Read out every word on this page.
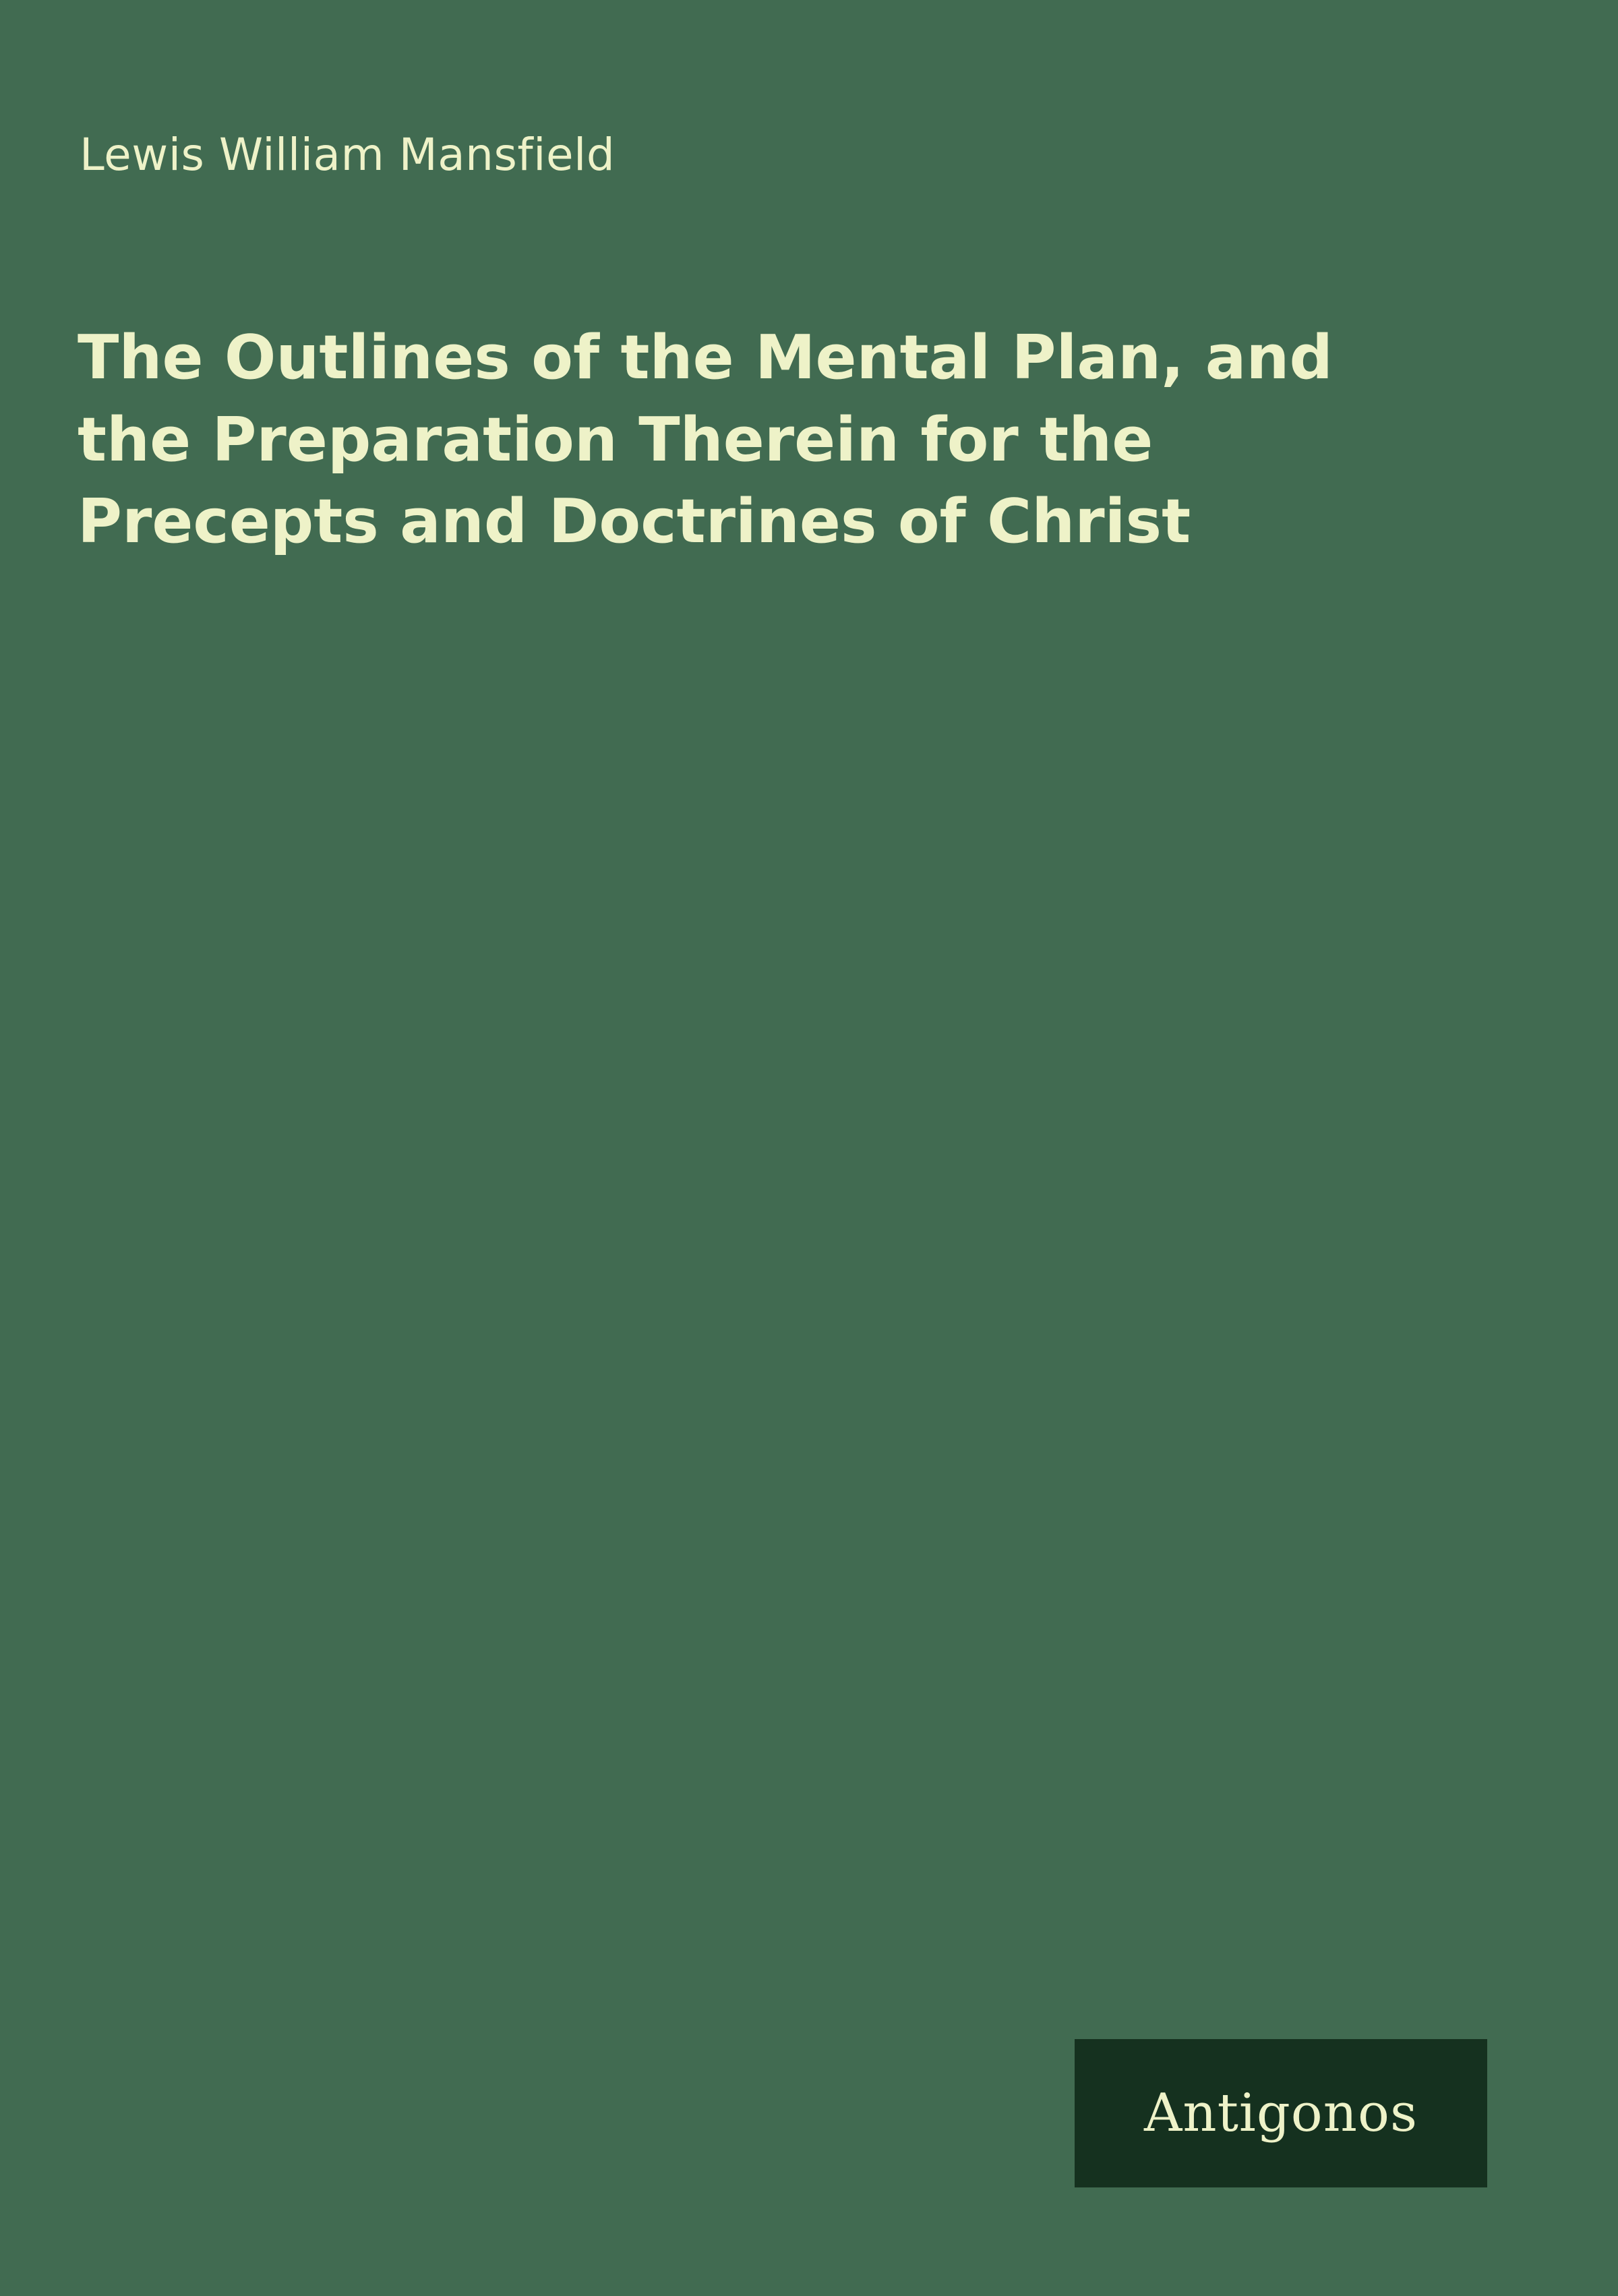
Lewis William Mansfield
The Outlines of the Mental Plan, and the Preparation Therein for the Precepts and Doctrines of Christ
Antigonos
